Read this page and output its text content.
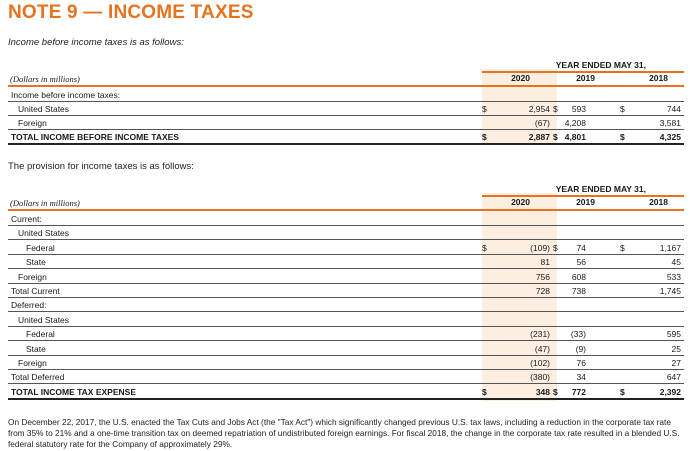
NOTE 9 — INCOME TAXES
Income before income taxes is as follows:
YEAR ENDED MAY 31,
(Dollars in millions)	2020	2019	2018
Income before income taxes:
United States	$	2,954 $	593	$	744
Foreign	(67)	4,208	3,581
TOTAL INCOME BEFORE INCOME TAXES	$	2,887 $ 4,801	$	4,325
The provision for income taxes is as follows:
YEAR ENDED MAY 31,
(Dollars in millions)	2020	2019	2018
Current:
United States
Federal	$	(109) $	74	$	1,167
State	81	56	45
Foreign	756	608	533
Total Current	728	738	1,745
Deferred:
United States
Federal	(231)	(33)	595
State	(47)	(9)	25
Foreign	(102)	76	27
Total Deferred	(380)	34	647
TOTAL INCOME TAX EXPENSE	$	348 $	772	$	2,392
On December 22, 2017, the U.S. enacted the Tax Cuts and Jobs Act (the "Tax Act") which significantly changed previous U.S. tax laws, including a reduction in the corporate tax rate from 35% to 21% and a one-time transition tax on deemed repatriation of undistributed foreign earnings. For fiscal 2018, the change in the corporate tax rate resulted in a blended U.S. federal statutory rate for the Company of approximately 29%.
